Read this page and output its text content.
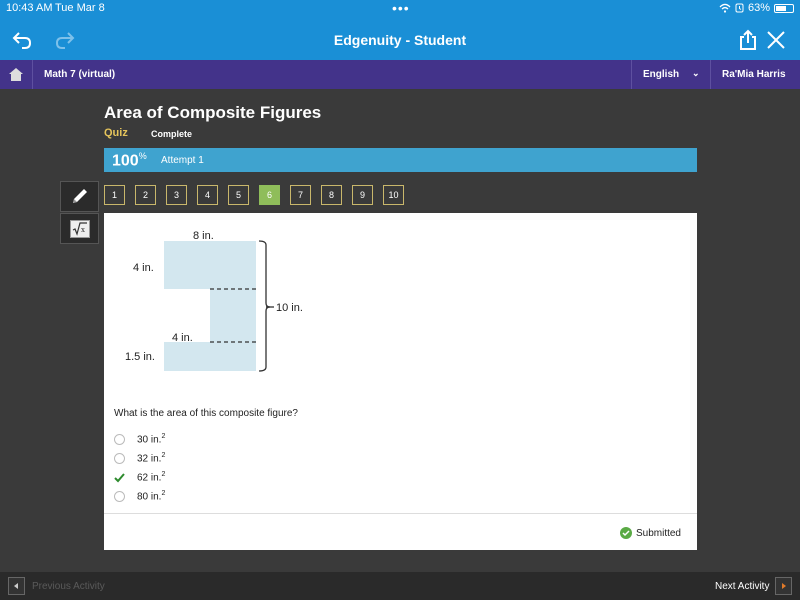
10:43 AM Tue Mar 8	•••	63%
Edgenuity - Student
Math 7 (virtual)	English ⌄ Ra'Mia Harris
Area of Composite Figures
Quiz	Complete
100% Attempt 1
x
1	2	3	4	5	6	7	8	9	10
8 in.
4 in.
10 in.
4 in.
1.5 in.
What is the area of this composite figure?
30 in.$^2$
32 in.$^2$
62 in.$^2$
80 in.$^2$
Submitted
Previous Activity	Next Activity
